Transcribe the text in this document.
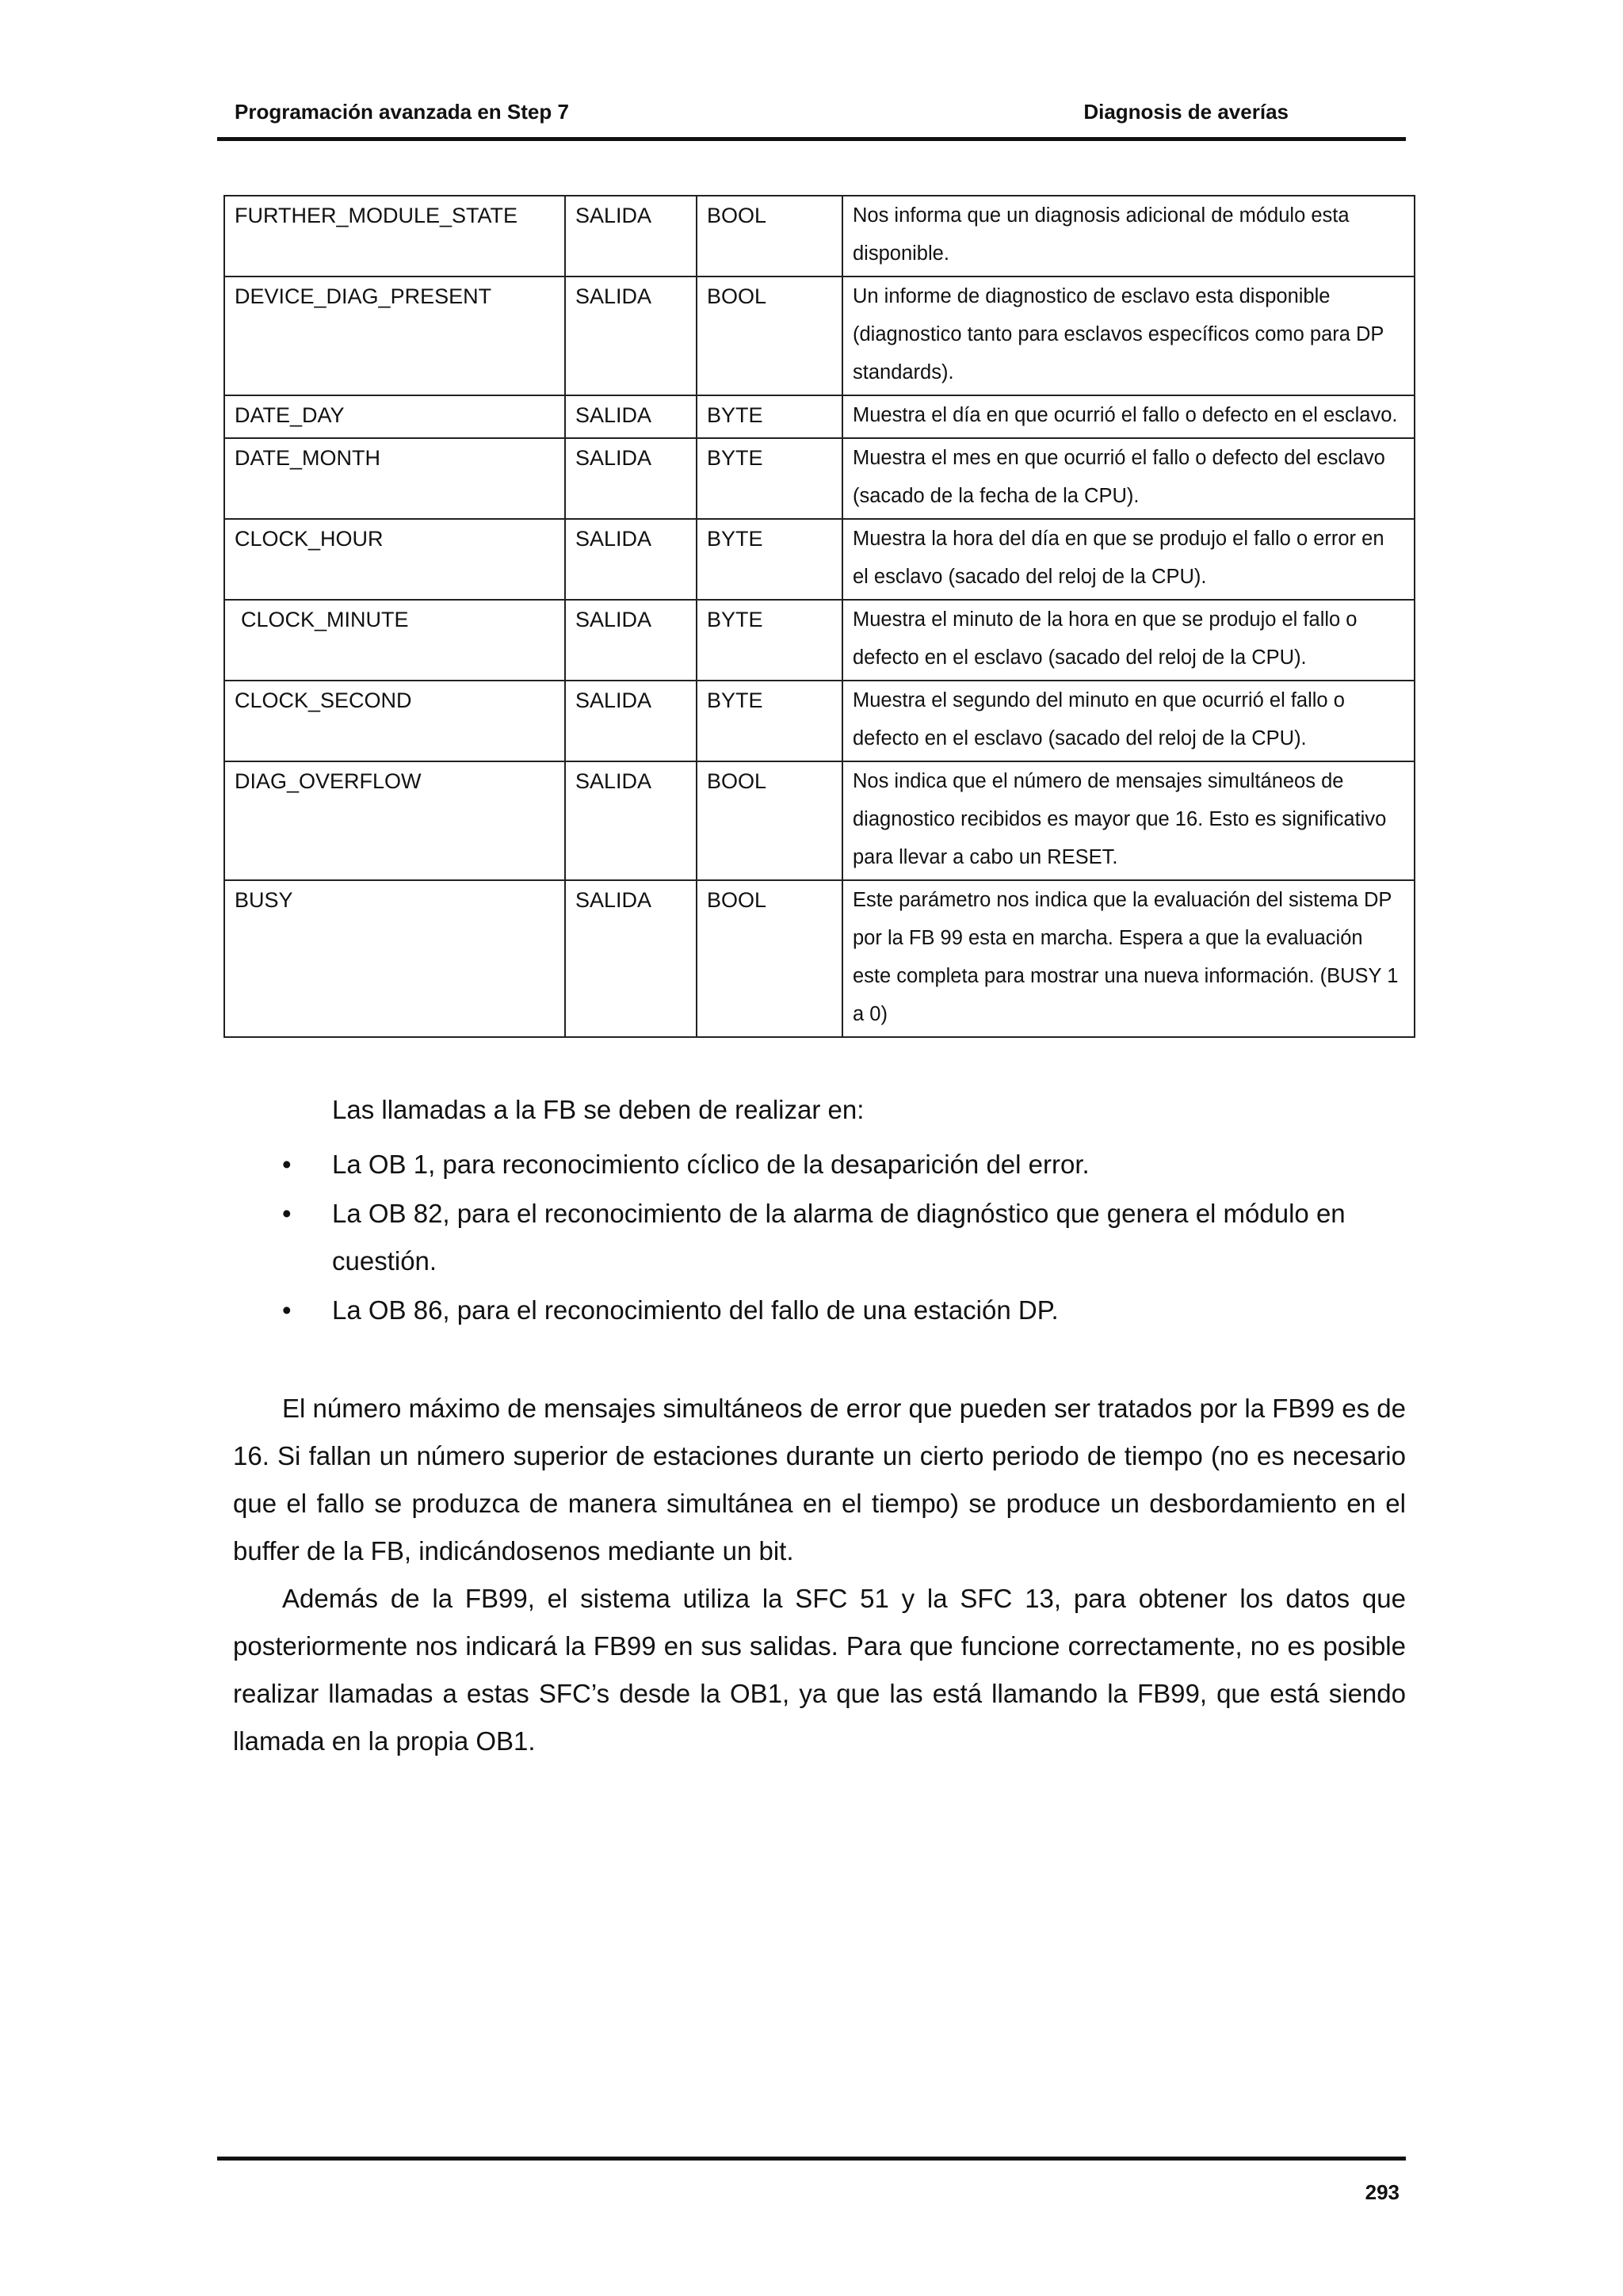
Programación avanzada en Step 7	Diagnosis de averías
FURTHER_MODULE_STATE	SALIDA	BOOL	Nos informa que un diagnosis adicional de módulo esta disponible.
DEVICE_DIAG_PRESENT	SALIDA	BOOL	Un informe de diagnostico de esclavo esta disponible (diagnostico tanto para esclavos específicos como para DP standards).
DATE_DAY	SALIDA	BYTE	Muestra el día en que ocurrió el fallo o defecto en el esclavo.
DATE_MONTH	SALIDA	BYTE	Muestra el mes en que ocurrió el fallo o defecto del esclavo (sacado de la fecha de la CPU).
CLOCK_HOUR	SALIDA	BYTE	Muestra la hora del día en que se produjo el fallo o error en el esclavo (sacado del reloj de la CPU).
CLOCK_MINUTE	SALIDA	BYTE	Muestra el minuto de la hora en que se produjo el fallo o defecto en el esclavo (sacado del reloj de la CPU).
CLOCK_SECOND	SALIDA	BYTE	Muestra el segundo del minuto en que ocurrió el fallo o defecto en el esclavo (sacado del reloj de la CPU).
DIAG_OVERFLOW	SALIDA	BOOL	Nos indica que el número de mensajes simultáneos de diagnostico recibidos es mayor que 16. Esto es significativo para llevar a cabo un RESET.
BUSY	SALIDA	BOOL	Este parámetro nos indica que la evaluación del sistema DP por la FB 99 esta en marcha. Espera a que la evaluación este completa para mostrar una nueva información. (BUSY 1 a 0)
Las llamadas a la FB se deben de realizar en:
• La OB 1, para reconocimiento cíclico de la desaparición del error.
• La OB 82, para el reconocimiento de la alarma de diagnóstico que genera el módulo en cuestión.
• La OB 86, para el reconocimiento del fallo de una estación DP.

El número máximo de mensajes simultáneos de error que pueden ser tratados por la FB99 es de 16. Si fallan un número superior de estaciones durante un cierto periodo de tiempo (no es necesario que el fallo se produzca de manera simultánea en el tiempo) se produce un desbordamiento en el buffer de la FB, indicándosenos mediante un bit.

Además de la FB99, el sistema utiliza la SFC 51 y la SFC 13, para obtener los datos que posteriormente nos indicará la FB99 en sus salidas. Para que funcione correctamente, no es posible realizar llamadas a estas SFC’s desde la OB1, ya que las está llamando la FB99, que está siendo llamada en la propia OB1.

293
